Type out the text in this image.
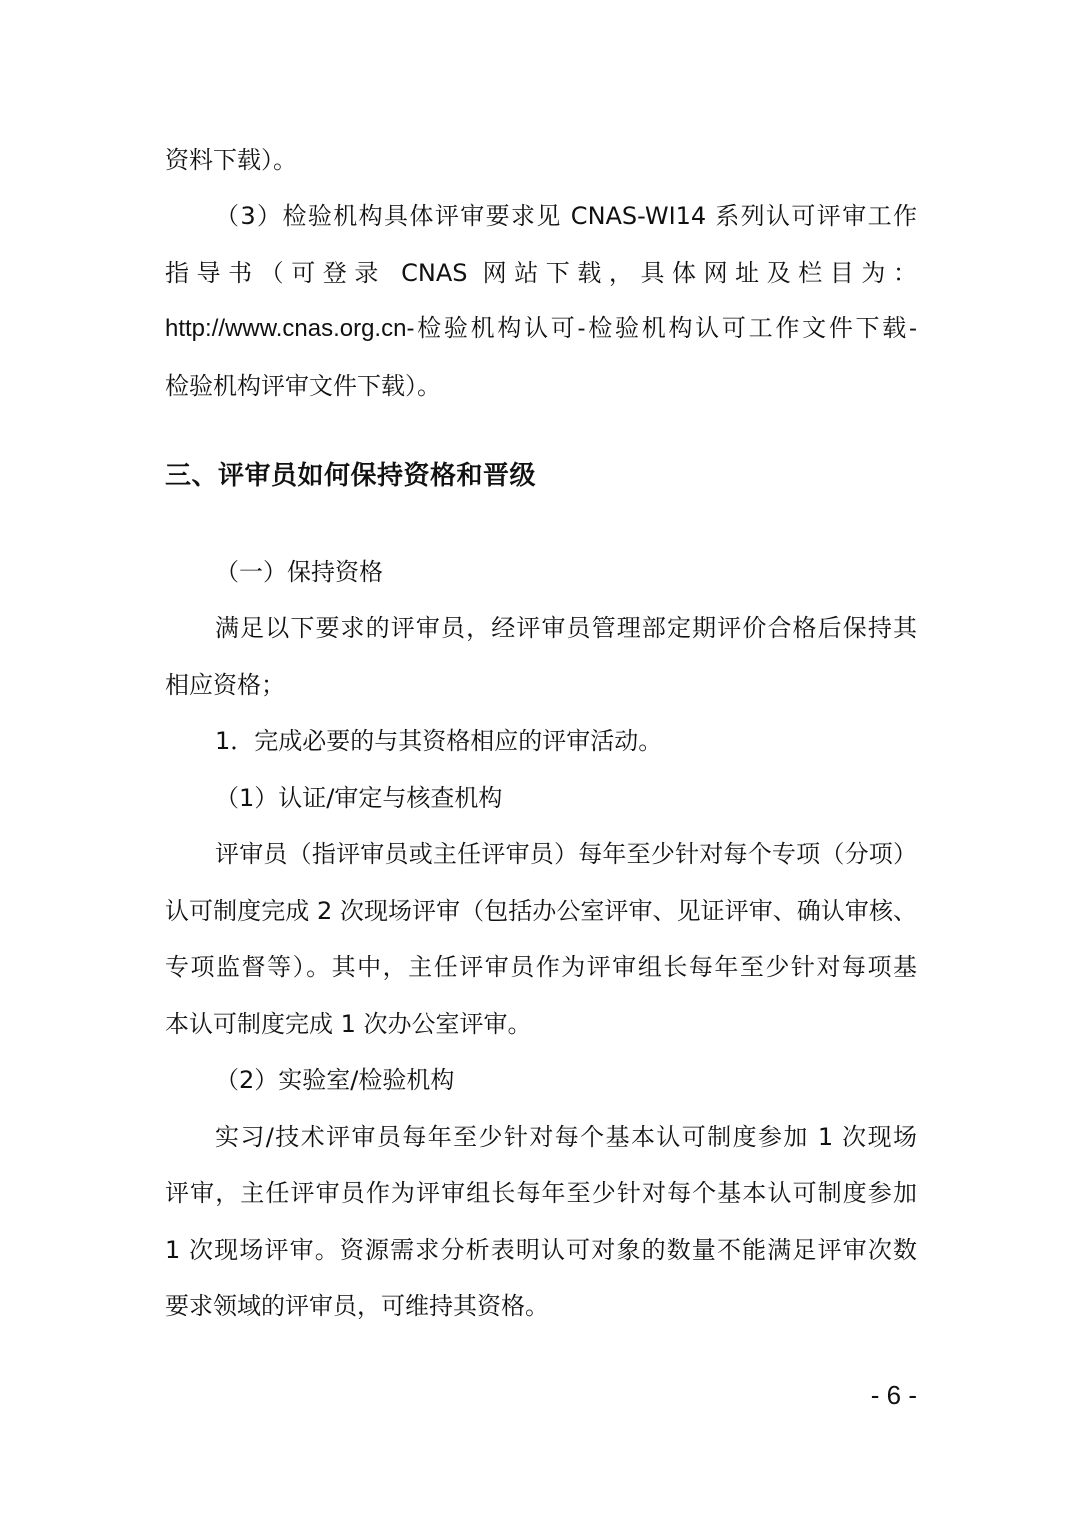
资料下载）。
（3）检验机构具体评审要求见 CNAS-WI14 系列认可评审工作
指导书（可登录 CNAS 网站下载，具体网址及栏目为：
http://www.cnas.org.cn-检验机构认可-检验机构认可工作文件下载-
检验机构评审文件下载）。
三、评审员如何保持资格和晋级
（一）保持资格
满足以下要求的评审员，经评审员管理部定期评价合格后保持其
相应资格；
1．完成必要的与其资格相应的评审活动。
（1）认证/审定与核查机构
评审员（指评审员或主任评审员）每年至少针对每个专项（分项）
认可制度完成 2 次现场评审（包括办公室评审、见证评审、确认审核、
专项监督等）。其中，主任评审员作为评审组长每年至少针对每项基
本认可制度完成 1 次办公室评审。
（2）实验室/检验机构
实习/技术评审员每年至少针对每个基本认可制度参加 1 次现场
评审，主任评审员作为评审组长每年至少针对每个基本认可制度参加
1 次现场评审。资源需求分析表明认可对象的数量不能满足评审次数
要求领域的评审员，可维持其资格。
- 6 -
